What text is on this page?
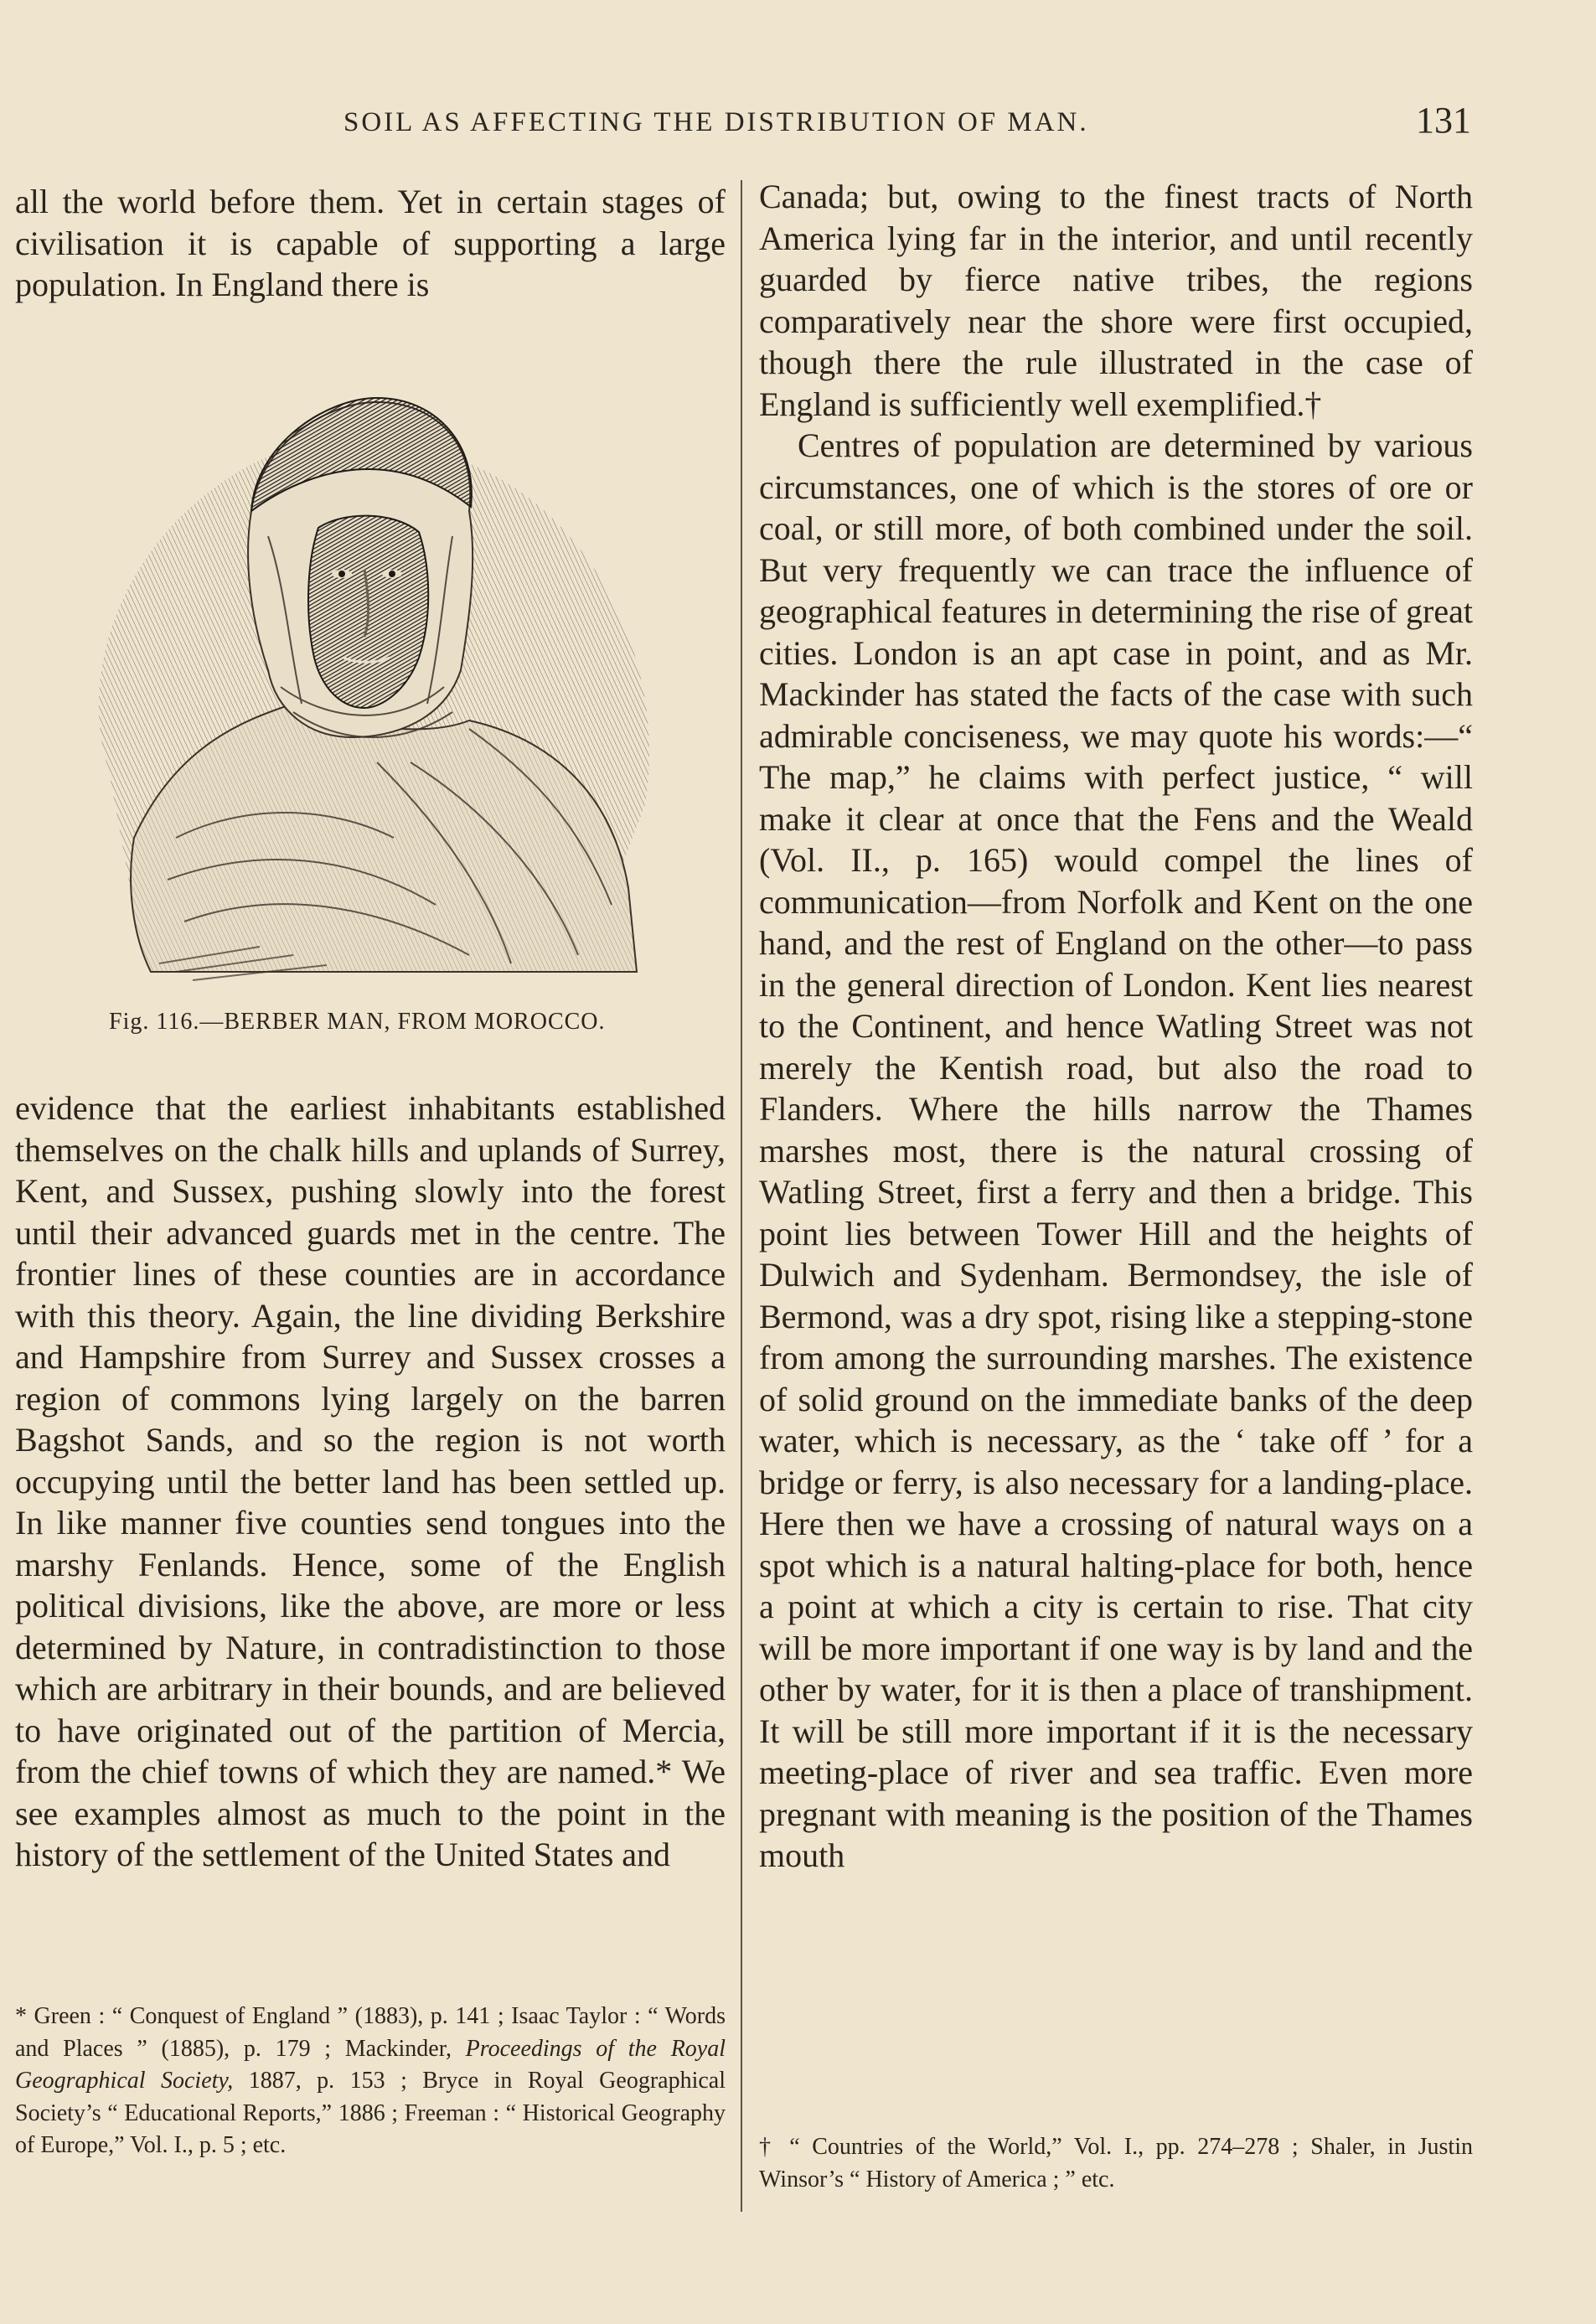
SOIL AS AFFECTING THE DISTRIBUTION OF MAN.	131

all the world before them. Yet in certain stages of civilisation it is capable of supporting a large population. In England there is

Fig. 116.—BERBER MAN, FROM MOROCCO.

evidence that the earliest inhabitants established themselves on the chalk hills and uplands of Surrey, Kent, and Sussex, pushing slowly into the forest until their advanced guards met in the centre. The frontier lines of these counties are in accordance with this theory. Again, the line dividing Berkshire and Hampshire from Surrey and Sussex crosses a region of commons lying largely on the barren Bagshot Sands, and so the region is not worth occupying until the better land has been settled up. In like manner five counties send tongues into the marshy Fenlands. Hence, some of the English political divisions, like the above, are more or less determined by Nature, in contradistinction to those which are arbitrary in their bounds, and are believed to have originated out of the partition of Mercia, from the chief towns of which they are named.* We see examples almost as much to the point in the history of the settlement of the United States and

* Green : “ Conquest of England ” (1883), p. 141 ; Isaac Taylor : “ Words and Places ” (1885), p. 179 ; Mackinder, Proceedings of the Royal Geographical Society, 1887, p. 153 ; Bryce in Royal Geographical Society’s “ Educational Reports,” 1886 ; Freeman : “ Historical Geography of Europe,” Vol. I., p. 5 ; etc.

Canada; but, owing to the finest tracts of North America lying far in the interior, and until recently guarded by fierce native tribes, the regions comparatively near the shore were first occupied, though there the rule illustrated in the case of England is sufficiently well exemplified.†

Centres of population are determined by various circumstances, one of which is the stores of ore or coal, or still more, of both combined under the soil. But very frequently we can trace the influence of geographical features in determining the rise of great cities. London is an apt case in point, and as Mr. Mackinder has stated the facts of the case with such admirable conciseness, we may quote his words:—“ The map,” he claims with perfect justice, “ will make it clear at once that the Fens and the Weald (Vol. II., p. 165) would compel the lines of communication—from Norfolk and Kent on the one hand, and the rest of England on the other—to pass in the general direction of London. Kent lies nearest to the Continent, and hence Watling Street was not merely the Kentish road, but also the road to Flanders. Where the hills narrow the Thames marshes most, there is the natural crossing of Watling Street, first a ferry and then a bridge. This point lies between Tower Hill and the heights of Dulwich and Sydenham. Bermondsey, the isle of Bermond, was a dry spot, rising like a stepping-stone from among the surrounding marshes. The existence of solid ground on the immediate banks of the deep water, which is necessary, as the ‘ take off ’ for a bridge or ferry, is also necessary for a landing-place. Here then we have a crossing of natural ways on a spot which is a natural halting-place for both, hence a point at which a city is certain to rise. That city will be more important if one way is by land and the other by water, for it is then a place of transhipment. It will be still more important if it is the necessary meeting-place of river and sea traffic. Even more pregnant with meaning is the position of the Thames mouth

† “ Countries of the World,” Vol. I., pp. 274–278 ; Shaler, in Justin Winsor’s “ History of America ; ” etc.
